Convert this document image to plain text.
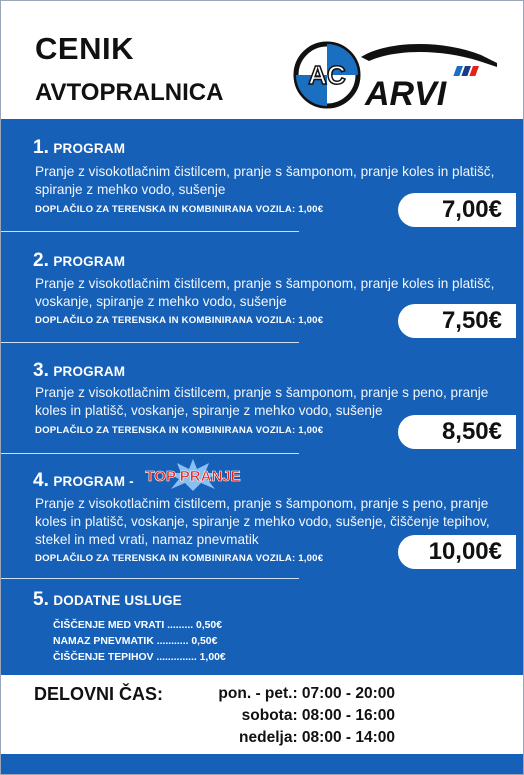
CENIK
AVTOPRALNICA
AC ARVI
1. PROGRAM
Pranje z visokotlačnim čistilcem, pranje s šamponom, pranje koles in platišč, spiranje z mehko vodo, sušenje
DOPLAČILO ZA TERENSKA IN KOMBINIRANA VOZILA: 1,00€	7,00€
2. PROGRAM
Pranje z visokotlačnim čistilcem, pranje s šamponom, pranje koles in platišč, voskanje, spiranje z mehko vodo, sušenje
DOPLAČILO ZA TERENSKA IN KOMBINIRANA VOZILA: 1,00€	7,50€
3. PROGRAM
Pranje z visokotlačnim čistilcem, pranje s šamponom, pranje s peno, pranje koles in platišč, voskanje, spiranje z mehko vodo, sušenje
DOPLAČILO ZA TERENSKA IN KOMBINIRANA VOZILA: 1,00€	8,50€
4. PROGRAM - TOP PRANJE
Pranje z visokotlačnim čistilcem, pranje s šamponom, pranje s peno, pranje koles in platišč, voskanje, spiranje z mehko vodo, sušenje, čiščenje tepihov, stekel in med vrati, namaz pnevmatik
DOPLAČILO ZA TERENSKA IN KOMBINIRANA VOZILA: 1,00€	10,00€
5. DODATNE USLUGE
ČIŠČENJE MED VRATI ......... 0,50€
NAMAZ PNEVMATIK ........... 0,50€
ČIŠČENJE TEPIHOV .............. 1,00€
DELOVNI ČAS:	pon. - pet.: 07:00 - 20:00
sobota: 08:00 - 16:00
nedelja: 08:00 - 14:00
